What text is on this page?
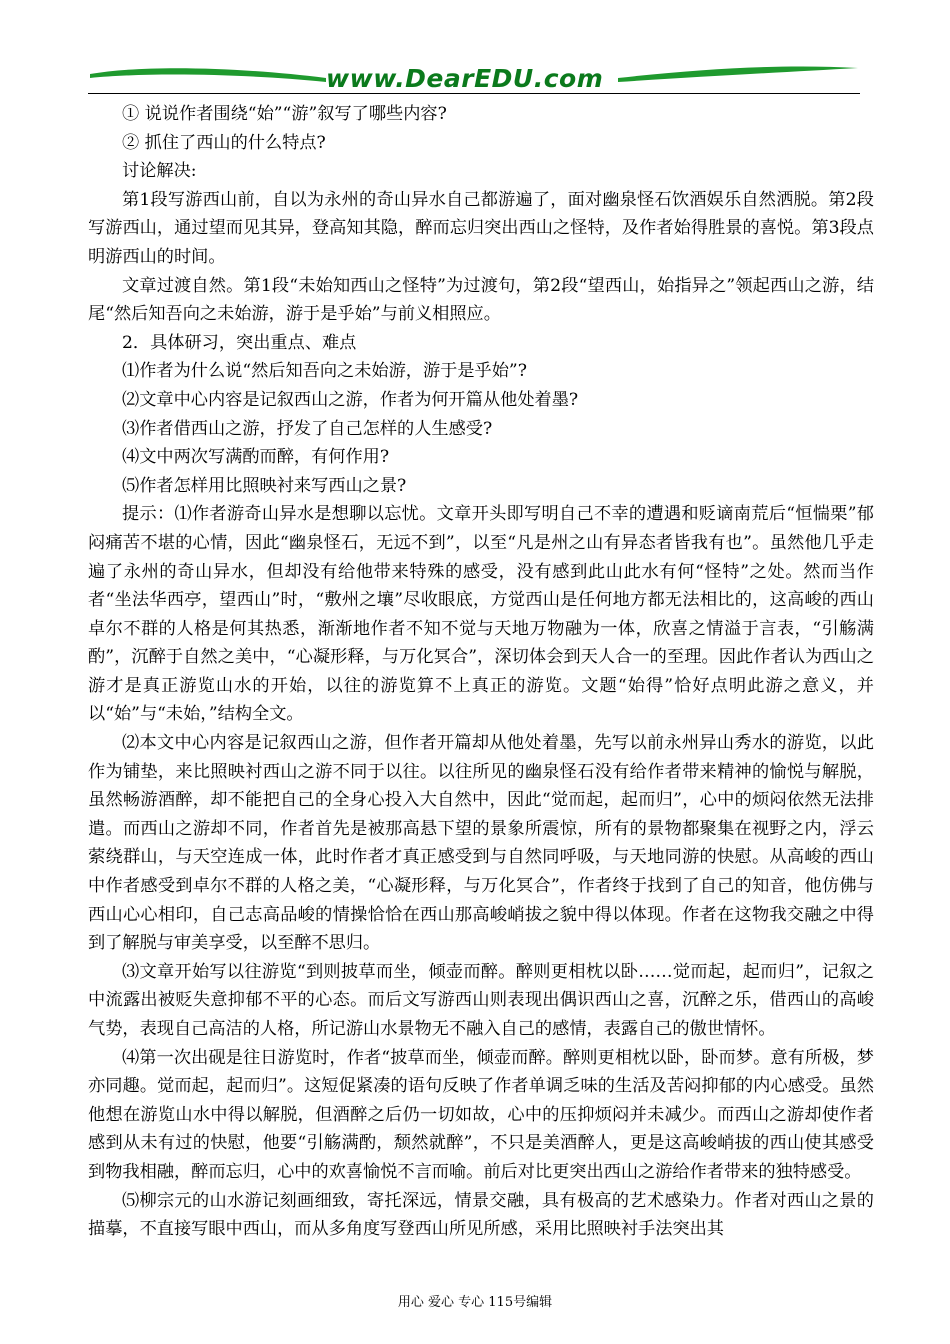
www.DearEDU.com

① 说说作者围绕“始”“游”叙写了哪些内容?

② 抓住了西山的什么特点?

讨论解决:

第1段写游西山前，自以为永州的奇山异水自己都游遍了，面对幽泉怪石饮酒娱乐自然洒脱。第2段写游西山，通过望而见其异，登高知其隐，醉而忘归突出西山之怪特，及作者始得胜景的喜悦。第3段点明游西山的时间。

文章过渡自然。第1段“未始知西山之怪特”为过渡句，第2段“望西山，始指异之”领起西山之游，结尾“然后知吾向之未始游，游于是乎始”与前义相照应。

2．具体研习，突出重点、难点

⑴作者为什么说“然后知吾向之未始游，游于是乎始”?

⑵文章中心内容是记叙西山之游，作者为何开篇从他处着墨?

⑶作者借西山之游，抒发了自己怎样的人生感受?

⑷文中两次写满酌而醉，有何作用?

⑸作者怎样用比照映衬来写西山之景?

提示：⑴作者游奇山异水是想聊以忘忧。文章开头即写明自己不幸的遭遇和贬谪南荒后“恒惴栗”郁闷痛苦不堪的心情，因此“幽泉怪石，无远不到”，以至“凡是州之山有异态者皆我有也”。虽然他几乎走遍了永州的奇山异水，但却没有给他带来特殊的感受，没有感到此山此水有何“怪特”之处。然而当作者“坐法华西亭，望西山”时，“敷州之壤”尽收眼底，方觉西山是任何地方都无法相比的，这高峻的西山卓尔不群的人格是何其热悉，渐渐地作者不知不觉与天地万物融为一体，欣喜之情溢于言表，“引觞满酌”，沉醉于自然之美中，“心凝形释，与万化冥合”，深切体会到天人合一的至理。因此作者认为西山之游才是真正游览山水的开始，以往的游览算不上真正的游览。文题“始得”恰好点明此游之意义，并以“始”与“未始，”结构全文。

⑵本文中心内容是记叙西山之游，但作者开篇却从他处着墨，先写以前永州异山秀水的游览，以此作为铺垫，来比照映衬西山之游不同于以往。以往所见的幽泉怪石没有给作者带来精神的愉悦与解脱，虽然畅游酒醉，却不能把自己的全身心投入大自然中，因此“觉而起，起而归”，心中的烦闷依然无法排遣。而西山之游却不同，作者首先是被那高悬下望的景象所震惊，所有的景物都聚集在视野之内，浮云萦绕群山，与天空连成一体，此时作者才真正感受到与自然同呼吸，与天地同游的快慰。从高峻的西山中作者感受到卓尔不群的人格之美，“心凝形释，与万化冥合”，作者终于找到了自己的知音，他仿佛与西山心心相印，自己志高品峻的情操恰恰在西山那高峻峭拔之貌中得以体现。作者在这物我交融之中得到了解脱与审美享受，以至醉不思归。

⑶文章开始写以往游览“到则披草而坐，倾壶而醉。醉则更相枕以卧……觉而起，起而归”，记叙之中流露出被贬失意抑郁不平的心态。而后文写游西山则表现出偶识西山之喜，沉醉之乐，借西山的高峻气势，表现自己高洁的人格，所记游山水景物无不融入自己的感情，表露自己的傲世情怀。

⑷第一次出砚是往日游览时，作者“披草而坐，倾壶而醉。醉则更相枕以卧，卧而梦。意有所极，梦亦同趣。觉而起，起而归”。这短促紧凑的语句反映了作者单调乏味的生活及苦闷抑郁的内心感受。虽然他想在游览山水中得以解脱，但酒醉之后仍一切如故，心中的压抑烦闷并未减少。而西山之游却使作者感到从未有过的快慰，他要“引觞满酌，颓然就醉”，不只是美酒醉人，更是这高峻峭拔的西山使其感受到物我相融，醉而忘归，心中的欢喜愉悦不言而喻。前后对比更突出西山之游给作者带来的独特感受。

⑸柳宗元的山水游记刻画细致，寄托深远，情景交融，具有极高的艺术感染力。作者对西山之景的描摹，不直接写眼中西山，而从多角度写登西山所见所感，采用比照映衬手法突出其

用心 爱心 专心 115号编辑
